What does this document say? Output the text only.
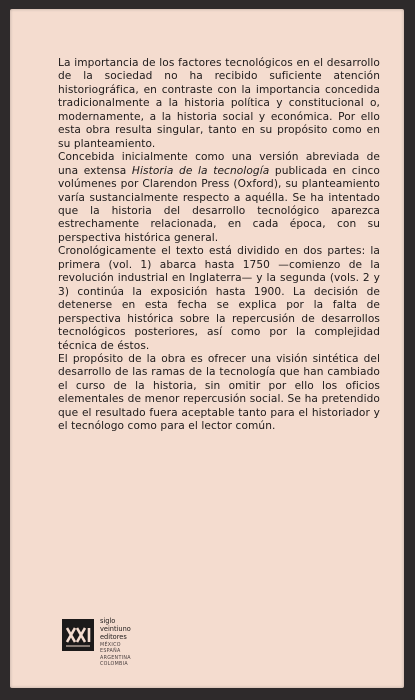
La importancia de los factores tecnológicos en el desarrollo de la sociedad no ha recibido suficiente atención historiográfica, en contraste con la importancia concedida tradicionalmente a la historia política y constitucional o, modernamente, a la historia social y económica. Por ello esta obra resulta singular, tanto en su propósito como en su planteamiento.

Concebida inicialmente como una versión abreviada de una extensa Historia de la tecnología publicada en cinco volúmenes por Clarendon Press (Oxford), su planteamiento varía sustancialmente respecto a aquélla. Se ha intentado que la historia del desarrollo tecnológico aparezca estrechamente relacionada, en cada época, con su perspectiva histórica general.

Cronológicamente el texto está dividido en dos partes: la primera (vol. 1) abarca hasta 1750 —comienzo de la revolución industrial en Inglaterra— y la segunda (vols. 2 y 3) continúa la exposición hasta 1900. La decisión de detenerse en esta fecha se explica por la falta de perspectiva histórica sobre la repercusión de desarrollos tecnológicos posteriores, así como por la complejidad técnica de éstos.

El propósito de la obra es ofrecer una visión sintética del desarrollo de las ramas de la tecnología que han cambiado el curso de la historia, sin omitir por ello los oficios elementales de menor repercusión social. Se ha pretendido que el resultado fuera aceptable tanto para el historiador y el tecnólogo como para el lector común.

siglo
veintiuno
editores
MÉXICO
ESPAÑA
ARGENTINA
COLOMBIA
